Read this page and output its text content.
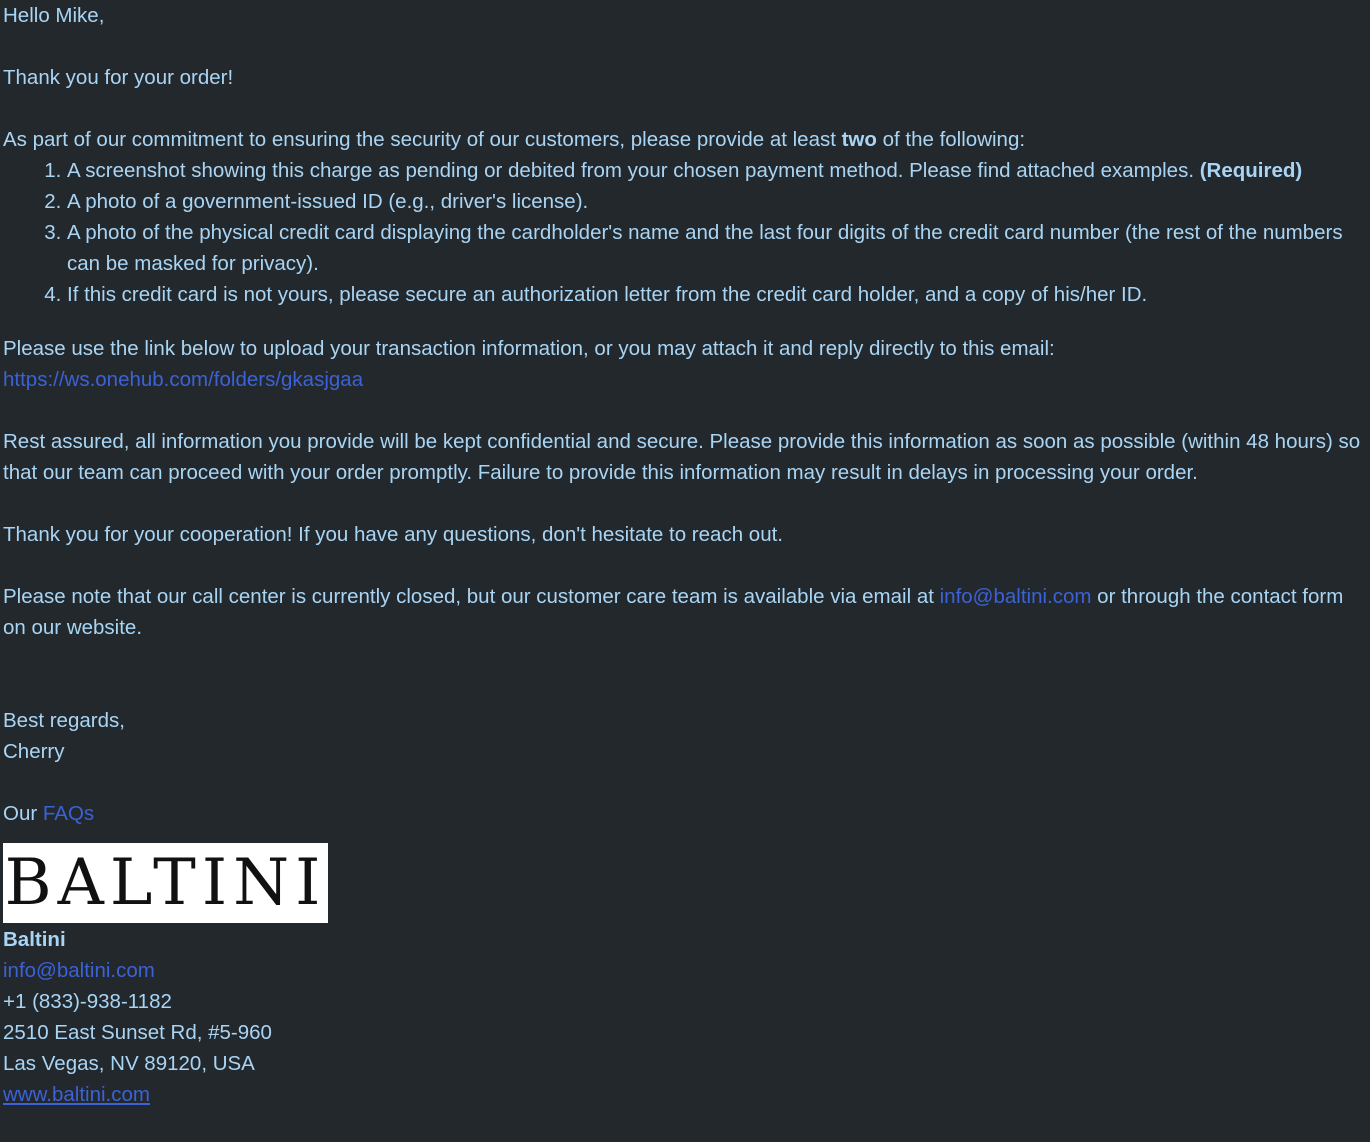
Hello Mike,

Thank you for your order!

As part of our commitment to ensuring the security of our customers, please provide at least two of the following:

1. A screenshot showing this charge as pending or debited from your chosen payment method. Please find attached examples. (Required)
2. A photo of a government-issued ID (e.g., driver's license).
3. A photo of the physical credit card displaying the cardholder's name and the last four digits of the credit card number (the rest of the numbers can be masked for privacy).
4. If this credit card is not yours, please secure an authorization letter from the credit card holder, and a copy of his/her ID.

Please use the link below to upload your transaction information, or you may attach it and reply directly to this email: https://ws.onehub.com/folders/gkasjgaa

Rest assured, all information you provide will be kept confidential and secure. Please provide this information as soon as possible (within 48 hours) so that our team can proceed with your order promptly. Failure to provide this information may result in delays in processing your order.

Thank you for your cooperation! If you have any questions, don't hesitate to reach out.

Please note that our call center is currently closed, but our customer care team is available via email at info@baltini.com or through the contact form on our website.

Best regards,

Cherry

Our FAQs

BALTINI

Baltini

info@baltini.com

+1 (833)-938-1182

2510 East Sunset Rd, #5-960

Las Vegas, NV 89120, USA

www.baltini.com
